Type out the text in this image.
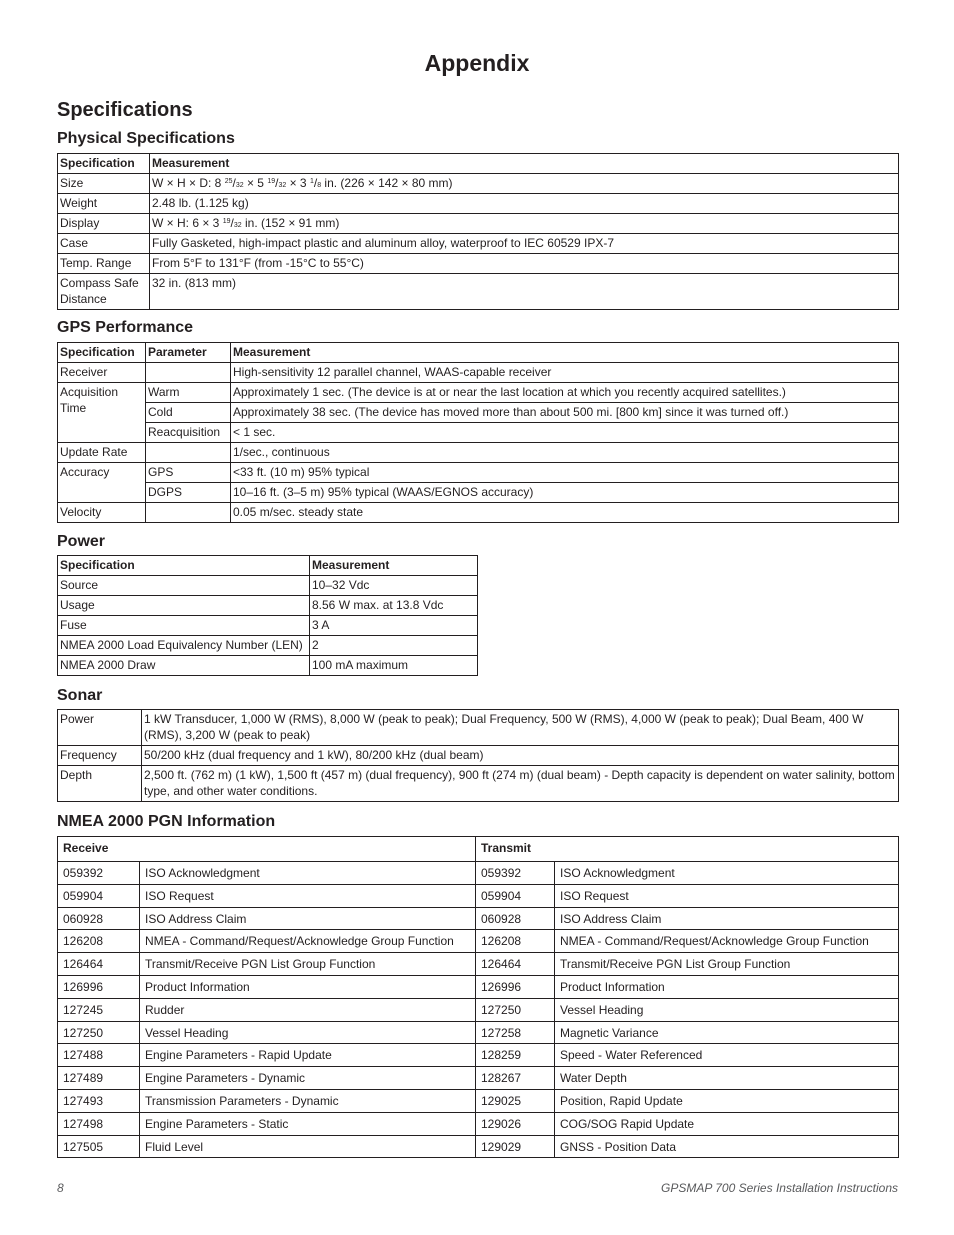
Appendix
Specifications
Physical Specifications
Specification	Measurement
Size	W × H × D: 8 $^{25}$/32 × 5 $^{19}$/32 × 3 $^1$/8 in. (226 × 142 × 80 mm)
Weight	2.48 lb. (1.125 kg)
Display	W × H: 6 × 3 $^{19}$/32 in. (152 × 91 mm)
Case	Fully Gasketed, high-impact plastic and aluminum alloy, waterproof to IEC 60529 IPX-7
Temp. Range	From 5°F to 131°F (from -15°C to 55°C)
Compass Safe Distance	32 in. (813 mm)
GPS Performance
Specification	Parameter	Measurement
Receiver		High-sensitivity 12 parallel channel, WAAS-capable receiver
Acquisition Time	Warm	Approximately 1 sec. (The device is at or near the last location at which you recently acquired satellites.)
	Cold	Approximately 38 sec. (The device has moved more than about 500 mi. [800 km] since it was turned off.)
	Reacquisition	< 1 sec.
Update Rate		1/sec., continuous
Accuracy	GPS	<33 ft. (10 m) 95% typical
	DGPS	10–16 ft. (3–5 m) 95% typical (WAAS/EGNOS accuracy)
Velocity		0.05 m/sec. steady state
Power
Specification	Measurement
Source	10–32 Vdc
Usage	8.56 W max. at 13.8 Vdc
Fuse	3 A
NMEA 2000 Load Equivalency Number (LEN)	2
NMEA 2000 Draw	100 mA maximum
Sonar
Power	1 kW Transducer, 1,000 W (RMS), 8,000 W (peak to peak); Dual Frequency, 500 W (RMS), 4,000 W (peak to peak); Dual Beam, 400 W (RMS), 3,200 W (peak to peak)
Frequency	50/200 kHz (dual frequency and 1 kW), 80/200 kHz (dual beam)
Depth	2,500 ft. (762 m) (1 kW), 1,500 ft (457 m) (dual frequency), 900 ft (274 m) (dual beam) - Depth capacity is dependent on water salinity, bottom type, and other water conditions.
NMEA 2000 PGN Information
Receive		Transmit	
059392	ISO Acknowledgment	059392	ISO Acknowledgment
059904	ISO Request	059904	ISO Request
060928	ISO Address Claim	060928	ISO Address Claim
126208	NMEA - Command/Request/Acknowledge Group Function	126208	NMEA - Command/Request/Acknowledge Group Function
126464	Transmit/Receive PGN List Group Function	126464	Transmit/Receive PGN List Group Function
126996	Product Information	126996	Product Information
127245	Rudder	127250	Vessel Heading
127250	Vessel Heading	127258	Magnetic Variance
127488	Engine Parameters - Rapid Update	128259	Speed - Water Referenced
127489	Engine Parameters - Dynamic	128267	Water Depth
127493	Transmission Parameters - Dynamic	129025	Position, Rapid Update
127498	Engine Parameters - Static	129026	COG/SOG Rapid Update
127505	Fluid Level	129029	GNSS - Position Data
8	GPSMAP 700 Series Installation Instructions
